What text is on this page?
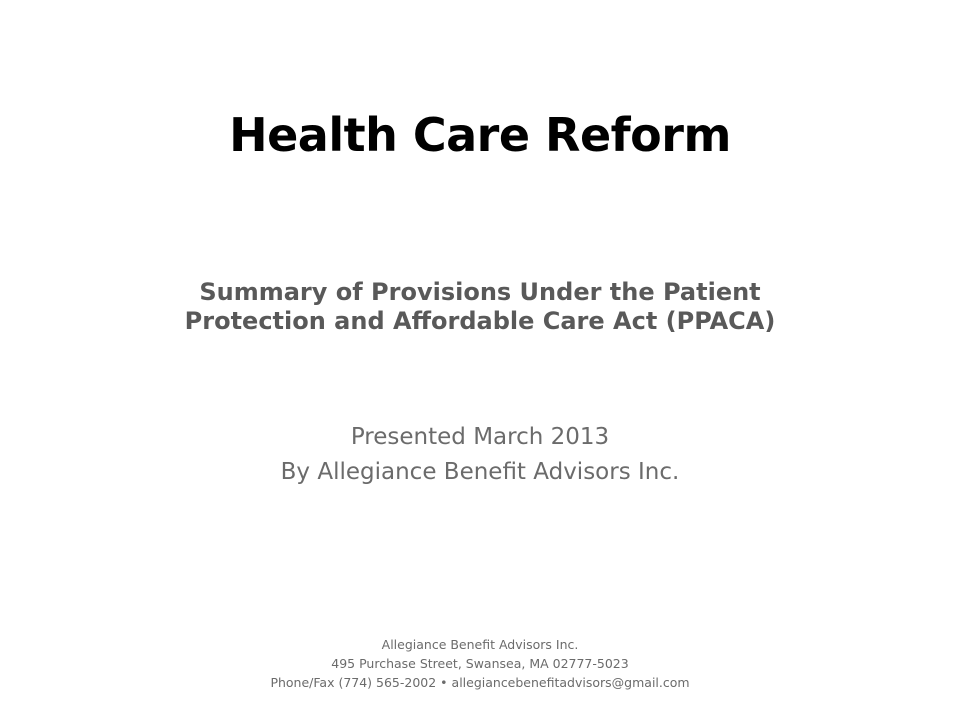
Health Care Reform
Summary of Provisions Under the Patient
Protection and Affordable Care Act (PPACA)
Presented March 2013
By Allegiance Benefit Advisors Inc.
Allegiance Benefit Advisors Inc.
495 Purchase Street, Swansea, MA 02777-5023
Phone/Fax (774) 565-2002 • allegiancebenefitadvisors@gmail.com
